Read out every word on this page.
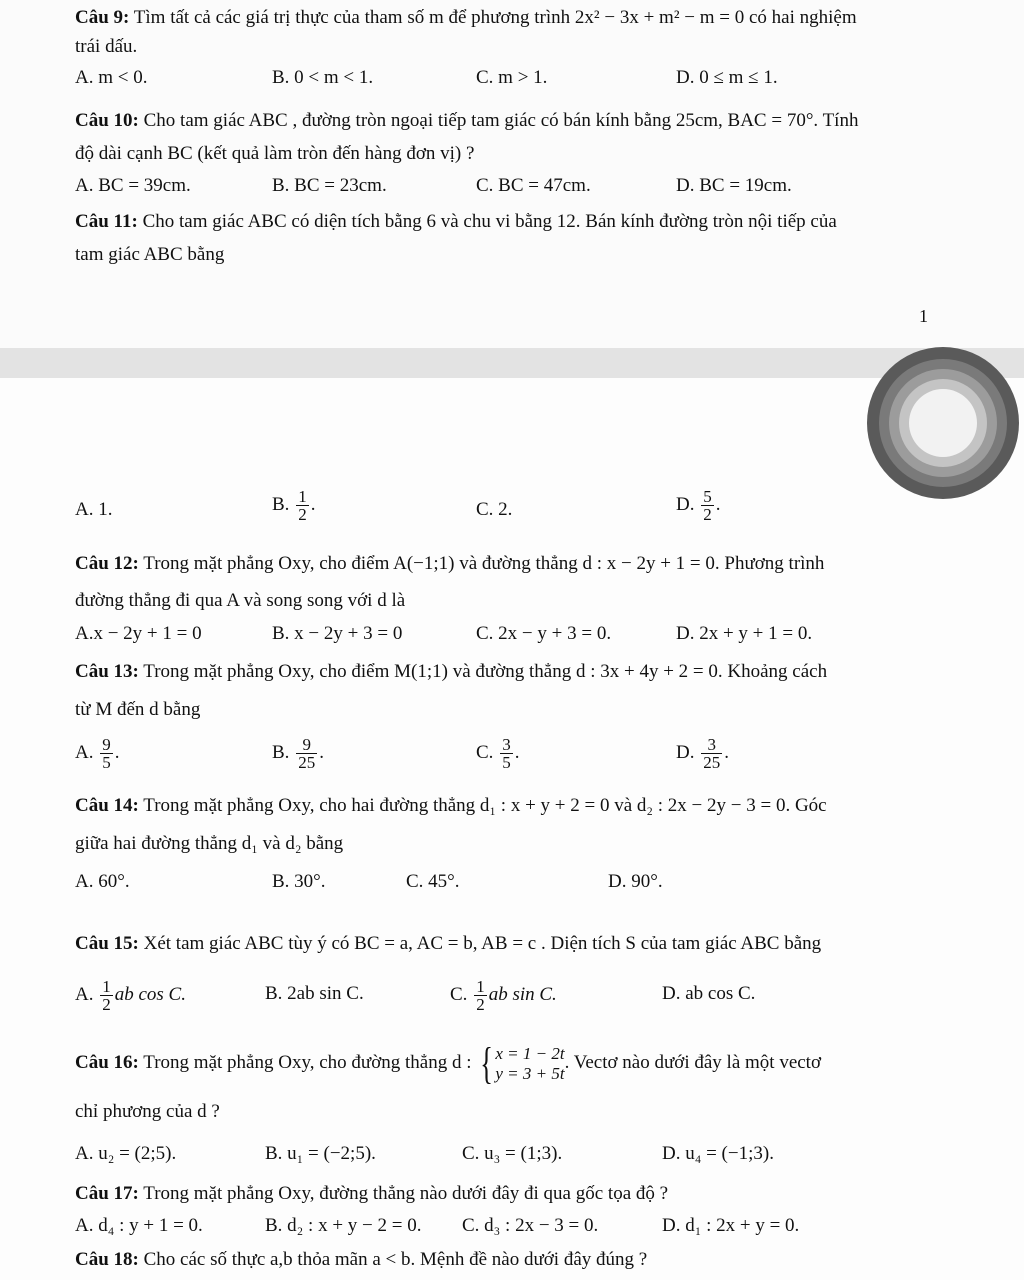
Câu 9: Tìm tất cả các giá trị thực của tham số m để phương trình 2x² − 3x + m² − m = 0 có hai nghiệm
trái dấu.
A. m < 0.	B. 0 < m < 1.	C. m > 1.	D. 0 ≤ m ≤ 1.
Câu 10: Cho tam giác ABC , đường tròn ngoại tiếp tam giác có bán kính bằng 25cm, BAC = 70°. Tính
độ dài cạnh BC (kết quả làm tròn đến hàng đơn vị) ?
A. BC = 39cm.	B. BC = 23cm.	C. BC = 47cm.	D. BC = 19cm.
Câu 11: Cho tam giác ABC có diện tích bằng 6 và chu vi bằng 12. Bán kính đường tròn nội tiếp của
tam giác ABC bằng
1
A. 1.	B. $\frac{1}{2}$ .	C. 2.	D. $\frac{5}{2}$ .
Câu 12: Trong mặt phẳng Oxy, cho điểm A(−1;1) và đường thẳng d : x − 2y + 1 = 0. Phương trình
đường thẳng đi qua A và song song với d là
A.x − 2y + 1 = 0	B. x − 2y + 3 = 0	C. 2x − y + 3 = 0.	D. 2x + y + 1 = 0.
Câu 13: Trong mặt phẳng Oxy, cho điểm M(1;1) và đường thẳng d : 3x + 4y + 2 = 0. Khoảng cách
từ M đến d bằng
A. $\frac{9}{5}$ .	B. $\frac{9}{25}$ .	C. $\frac{3}{5}$ .	D. $\frac{3}{25}$ .
Câu 14: Trong mặt phẳng Oxy, cho hai đường thẳng d₁ : x + y + 2 = 0 và d₂ : 2x − 2y − 3 = 0. Góc
giữa hai đường thẳng d₁ và d₂ bằng
A. 60°.	B. 30°.	C. 45°.	D. 90°.
Câu 15: Xét tam giác ABC tùy ý có BC = a, AC = b, AB = c . Diện tích S của tam giác ABC bằng
A. $\frac{1}{2}$ ab cos C.	B. 2ab sin C.	C. $\frac{1}{2}$ ab sin C.	D. ab cos C.
Câu 16: Trong mặt phẳng Oxy, cho đường thẳng d : { x = 1 − 2t
y = 3 + 5t
. Vectơ nào dưới đây là một vectơ
chỉ phương của d ?
A. u₂ = (2;5).	B. u₁ = (−2;5).	C. u₃ = (1;3).	D. u₄ = (−1;3).
Câu 17: Trong mặt phẳng Oxy, đường thẳng nào dưới đây đi qua gốc tọa độ ?
A. d₄ : y + 1 = 0.	B. d₂ : x + y − 2 = 0. C. d₃ : 2x − 3 = 0.	D. d₁ : 2x + y = 0.
Câu 18: Cho các số thực a,b thỏa mãn a < b. Mệnh đề nào dưới đây đúng ?
